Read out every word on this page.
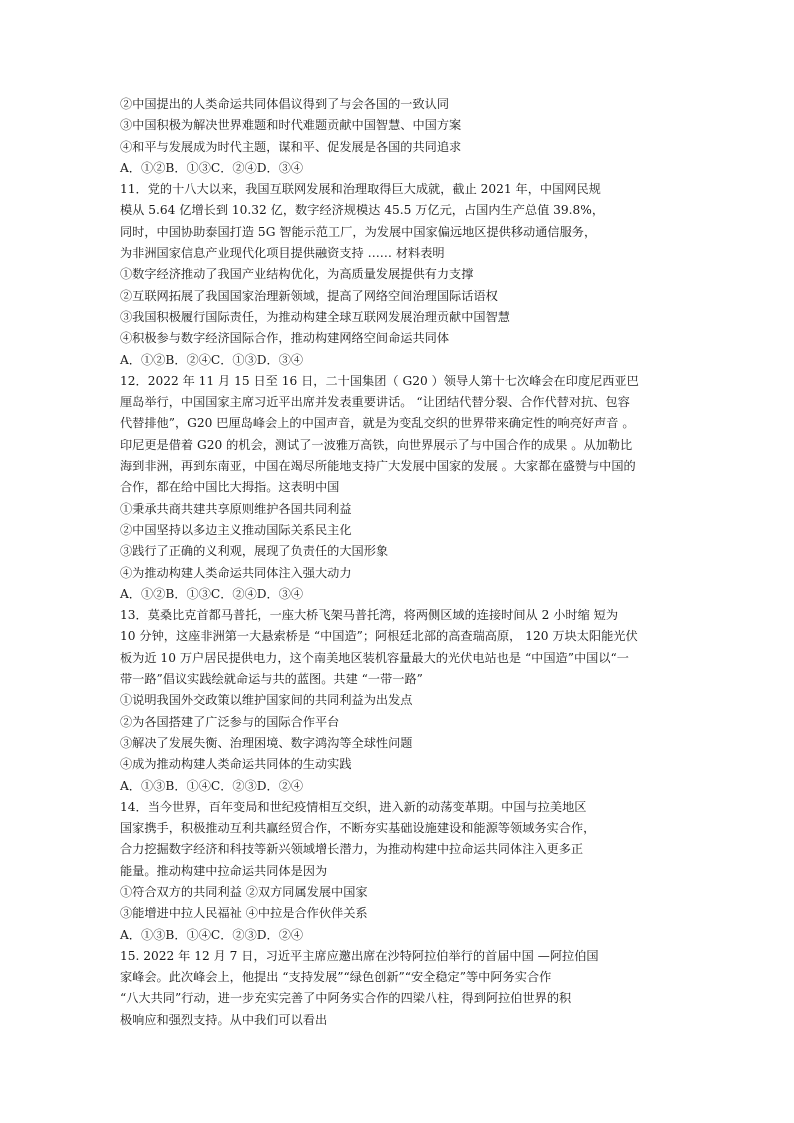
②中国提出的人类命运共同体倡议得到了与会各国的一致认同
③中国积极为解决世界难题和时代难题贡献中国智慧、中国方案
④和平与发展成为时代主题，谋和平、促发展是各国的共同追求
A．①②B．①③C．②④D．③④
11．党的十八大以来，我国互联网发展和治理取得巨大成就，截止 2021 年，中国网民规
模从 5.64 亿增长到 10.32 亿，数字经济规模达 45.5 万亿元，占国内生产总值 39.8%，
同时，中国协助泰国打造 5G 智能示范工厂，为发展中国家偏远地区提供移动通信服务，
为非洲国家信息产业现代化项目提供融资支持 …… 材料表明
①数字经济推动了我国产业结构优化，为高质量发展提供有力支撑
②互联网拓展了我国国家治理新领域，提高了网络空间治理国际话语权
③我国积极履行国际责任，为推动构建全球互联网发展治理贡献中国智慧
④积极参与数字经济国际合作，推动构建网络空间命运共同体
A．①②B．②④C．①③D．③④
12．2022 年 11 月 15 日至 16 日，二十国集团（ G20 ）领导人第十七次峰会在印度尼西亚巴
厘岛举行，中国国家主席习近平出席并发表重要讲话。 “让团结代替分裂、合作代替对抗、包容
代替排他”，G20 巴厘岛峰会上的中国声音，就是为变乱交织的世界带来确定性的响亮好声音 。
印尼更是借着 G20 的机会，测试了一波雅万高铁，向世界展示了与中国合作的成果 。从加勒比
海到非洲，再到东南亚，中国在竭尽所能地支持广大发展中国家的发展 。大家都在盛赞与中国的
合作，都在给中国比大拇指。这表明中国
①秉承共商共建共享原则维护各国共同利益
②中国坚持以多边主义推动国际关系民主化
③践行了正确的义利观，展现了负责任的大国形象
④为推动构建人类命运共同体注入强大动力
A．①②B．①③C．②④D．③④
13．莫桑比克首都马普托，一座大桥飞架马普托湾，将两侧区域的连接时间从 2 小时缩 短为
10 分钟，这座非洲第一大悬索桥是 “中国造”；阿根廷北部的高查瑞高原， 120 万块太阳能光伏
板为近 10 万户居民提供电力，这个南美地区装机容量最大的光伏电站也是 “中国造”中国以“一
带一路”倡议实践绘就命运与共的蓝图。共建 “一带一路”
①说明我国外交政策以维护国家间的共同利益为出发点
②为各国搭建了广泛参与的国际合作平台
③解决了发展失衡、治理困境、数字鸿沟等全球性问题
④成为推动构建人类命运共同体的生动实践
A．①③B．①④C．②③D．②④
14．当今世界，百年变局和世纪疫情相互交织，进入新的动荡变革期。中国与拉美地区
国家携手，积极推动互利共赢经贸合作，不断夯实基础设施建设和能源等领域务实合作，
合力挖掘数字经济和科技等新兴领域增长潜力，为推动构建中拉命运共同体注入更多正
能量。推动构建中拉命运共同体是因为
①符合双方的共同利益 ②双方同属发展中国家
③能增进中拉人民福祉 ④中拉是合作伙伴关系
A．①③B．①④C．②③D．②④
15. 2022 年 12 月 7 日，习近平主席应邀出席在沙特阿拉伯举行的首届中国 —阿拉伯国
家峰会。此次峰会上，他提出 “支持发展”“绿色创新”“安全稳定”等中阿务实合作
“八大共同”行动，进一步充实完善了中阿务实合作的四梁八柱，得到阿拉伯世界的积
极响应和强烈支持。从中我们可以看出
